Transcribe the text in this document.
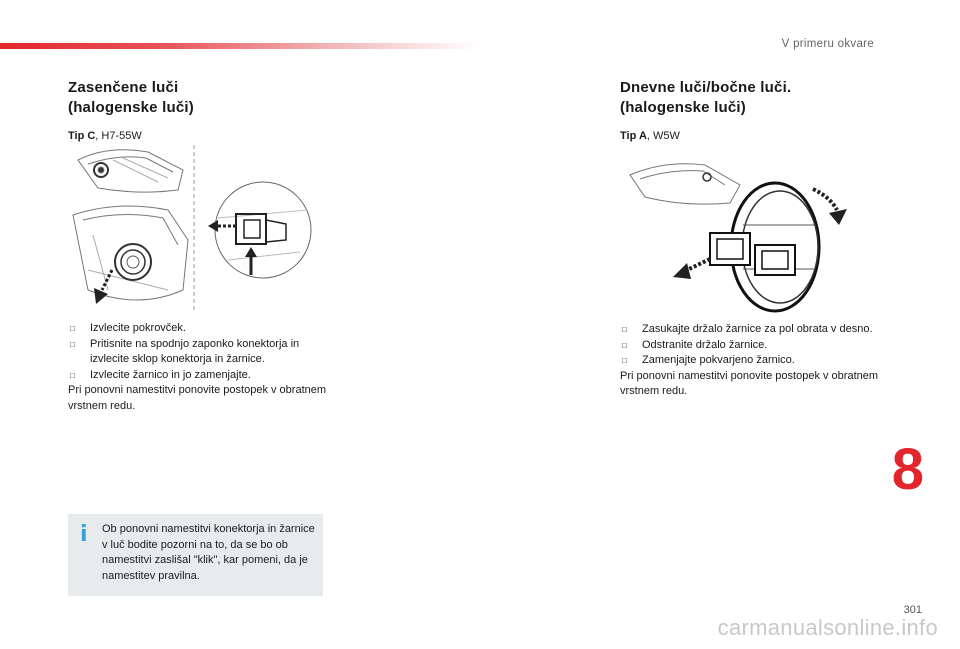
V primeru okvare
Zasenčene luči
(halogenske luči)
Tip C, H7-55W
□ Izvlecite pokrovček.
□ Pritisnite na spodnjo zaponko konektorja in izvlecite sklop konektorja in žarnice.
□ Izvlecite žarnico in jo zamenjajte.

Pri ponovni namestitvi ponovite postopek v obratnem vrstnem redu.

i Ob ponovni namestitvi konektorja in žarnice v luč bodite pozorni na to, da se bo ob namestitvi zaslišal "klik", kar pomeni, da je namestitev pravilna.
Dnevne luči/bočne luči.
(halogenske luči)
Tip A, W5W
□ Zasukajte držalo žarnice za pol obrata v desno.
□ Odstranite držalo žarnice.
□ Zamenjajte pokvarjeno žarnico.

Pri ponovni namestitvi ponovite postopek v obratnem vrstnem redu.

8
301
carmanualsonline.info
